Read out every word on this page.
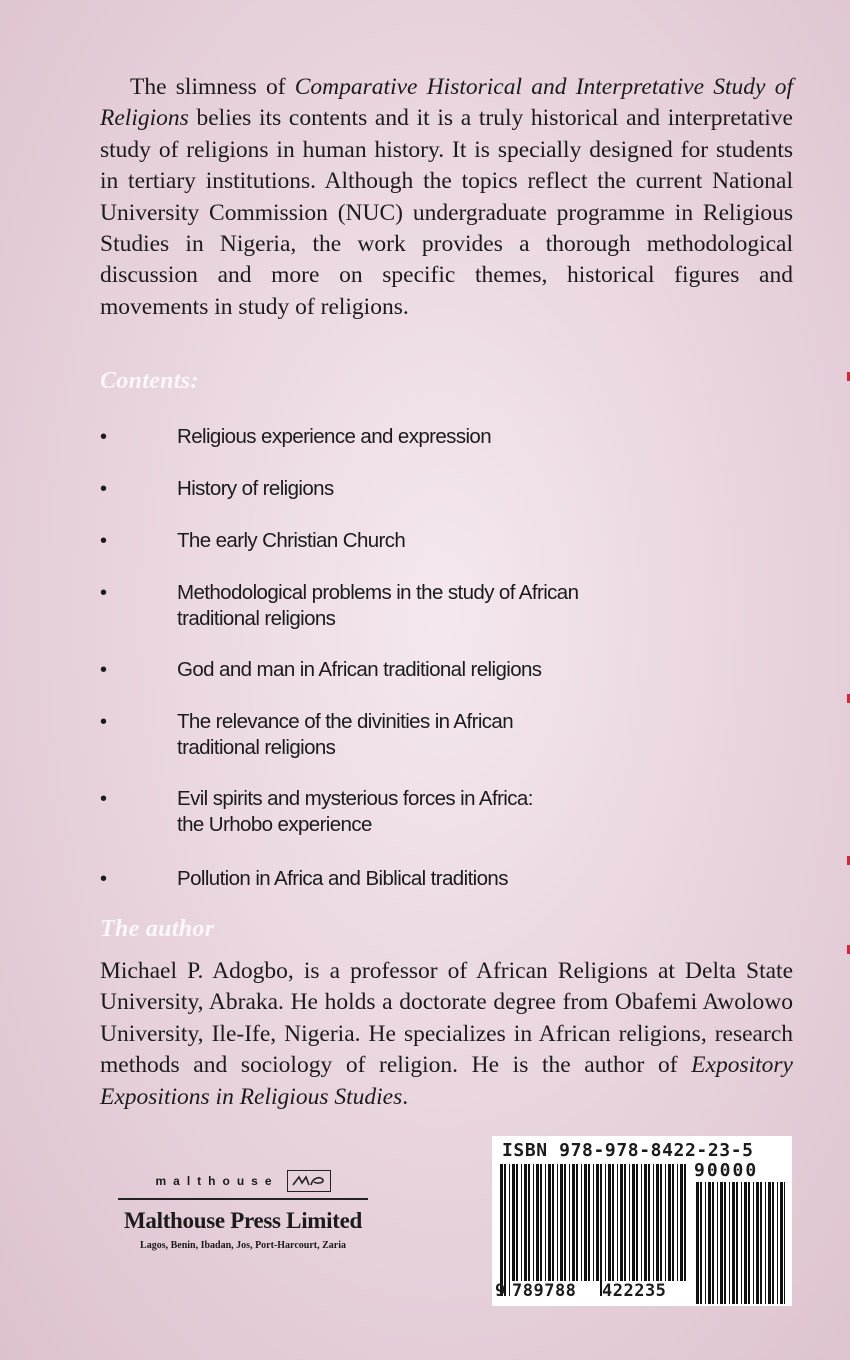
The slimness of Comparative Historical and Interpretative Study of Religions belies its contents and it is a truly historical and interpretative study of religions in human history. It is specially designed for students in tertiary institutions. Although the topics reflect the current National University Commission (NUC) undergraduate programme in Religious Studies in Nigeria, the work provides a thorough methodological discussion and more on specific themes, historical figures and movements in study of religions.

Contents:
•	Religious experience and expression
•	History of religions
•	The early Christian Church
•	Methodological problems in the study of African
traditional religions
•	God and man in African traditional religions
•	The relevance of the divinities in African
traditional religions
•	Evil spirits and mysterious forces in Africa:
the Urhobo experience
•	Pollution in Africa and Biblical traditions
The author

Michael P. Adogbo, is a professor of African Religions at Delta State University, Abraka. He holds a doctorate degree from Obafemi Awolowo University, Ile-Ife, Nigeria. He specializes in African religions, research methods and sociology of religion. He is the author of Expository Expositions in Religious Studies.

malthouse
Malthouse Press Limited
Lagos, Benin, Ibadan, Jos, Port-Harcourt, Zaria
ISBN 978-978-8422-23-5
90000
9 789788	422235
